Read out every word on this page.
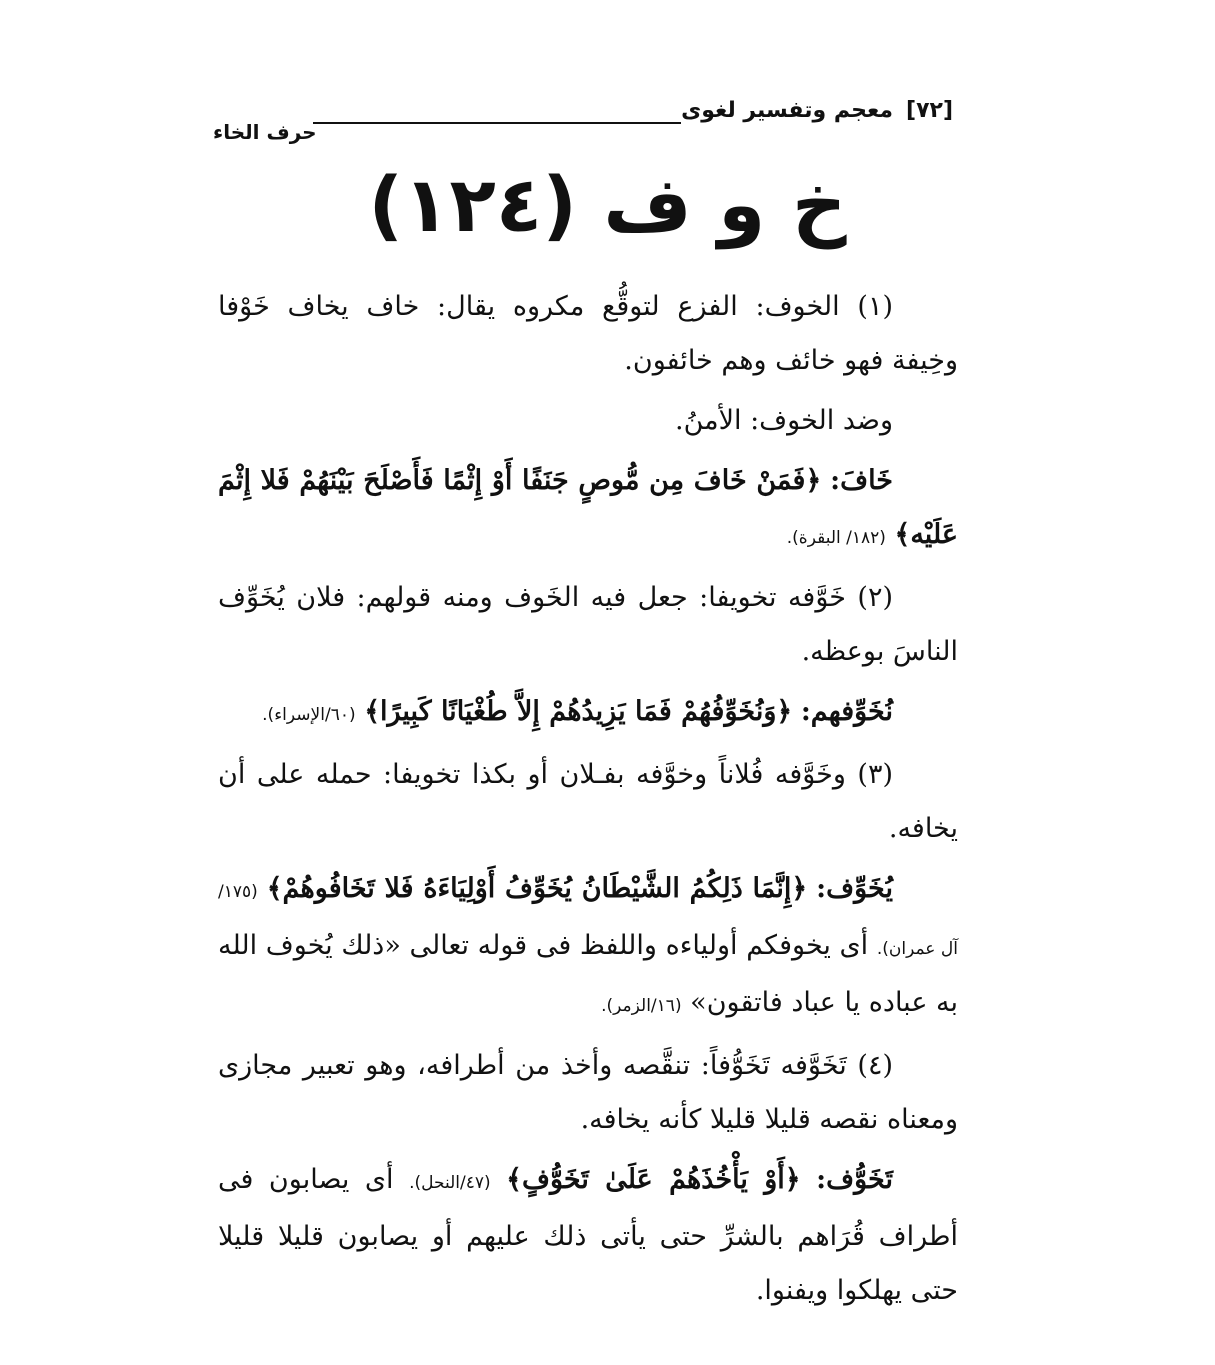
[٧٢]
معجم وتفسير لغوى
حرف الخاء
خ و ف (١٢٤)

(١) الخوف: الفزع لتوقُّع مكروه يقال: خاف يخاف خَوْفا وخِيفة فهو خائف وهم خائفون.

وضد الخوف: الأمنُ.

خَافَ: ﴿فَمَنْ خَافَ مِن مُّوصٍ جَنَفًا أَوْ إِثْمًا فَأَصْلَحَ بَيْنَهُمْ فَلا إِثْمَ عَلَيْه﴾ (١٨٢/ البقرة).

(٢) خَوَّفه تخويفا: جعل فيه الخَوف ومنه قولهم: فلان يُخَوِّف الناسَ بوعظه.

نُخَوِّفهم: ﴿وَنُخَوِّفُهُمْ فَمَا يَزِيدُهُمْ إِلاَّ طُغْيَانًا كَبِيرًا﴾ (٦٠/الإسراء).

(٣) وخَوَّفه فُلاناً وخوَّفه بفـلان أو بكذا تخويفا: حمله على أن يخافه.

يُخَوِّف: ﴿إِنَّمَا ذَلِكُمُ الشَّيْطَانُ يُخَوِّفُ أَوْلِيَاءَهُ فَلا تَخَافُوهُمْ﴾ (١٧٥/آل عمران). أى يخوفكم أولياءه واللفظ فى قوله تعالى «ذلك يُخوف الله به عباده يا عباد فاتقون» (١٦/الزمر).

(٤) تَخَوَّفه تَخَوُّفاً: تنقَّصه وأخذ من أطرافه، وهو تعبير مجازى ومعناه نقصه قليلا قليلا كأنه يخافه.

تَخَوُّف: ﴿أَوْ يَأْخُذَهُمْ عَلَىٰ تَخَوُّفٍ﴾ (٤٧/النحل). أى يصابون فى أطراف قُرَاهم بالشرِّ حتى يأتى ذلك عليهم أو يصابون قليلا قليلا حتى يهلكوا ويفنوا.
